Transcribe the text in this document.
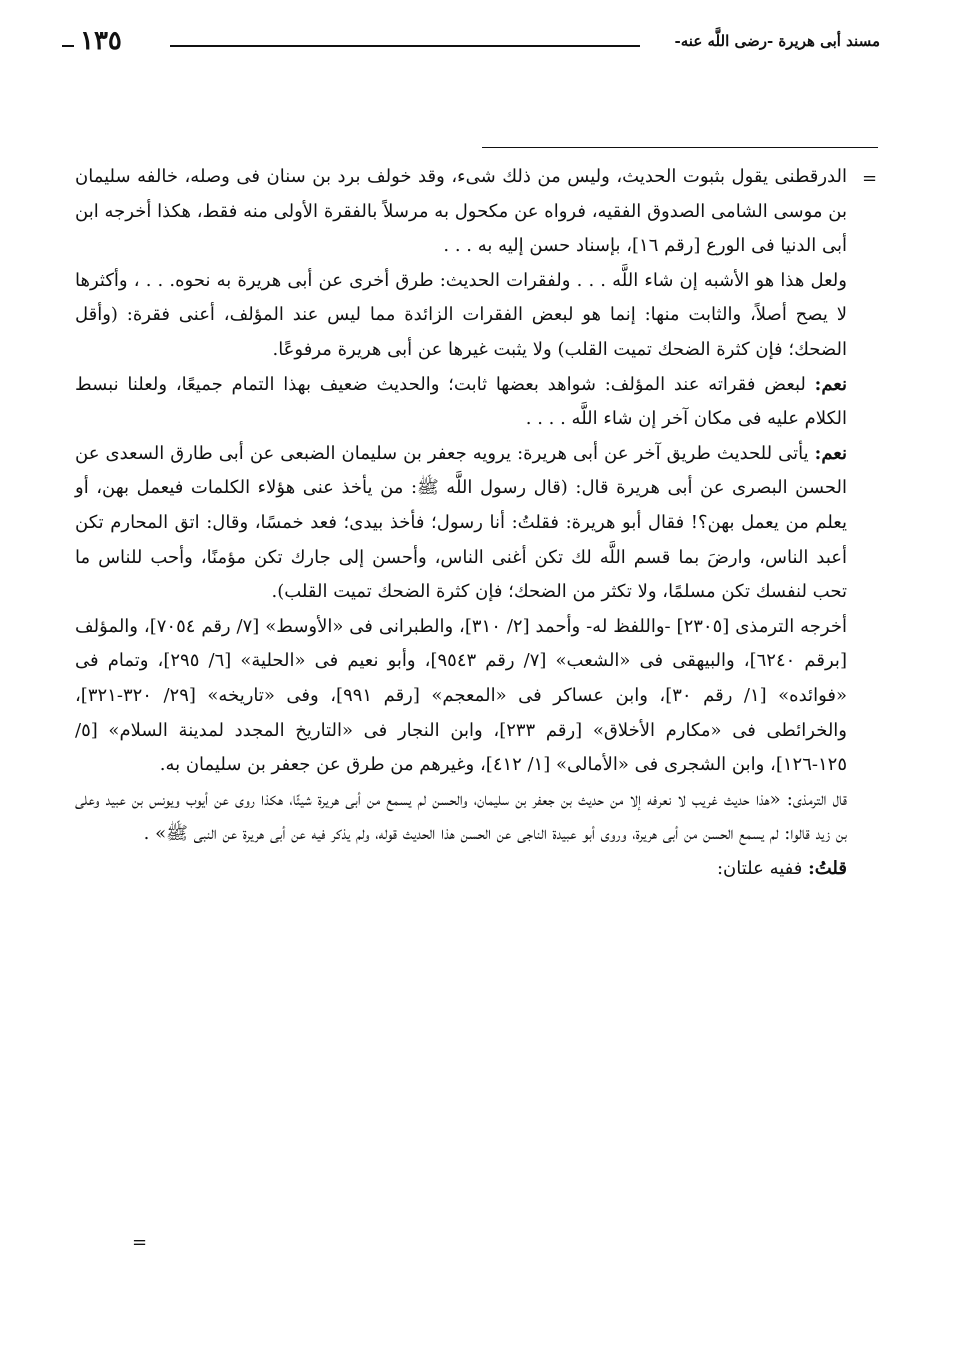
مسند أبى هريرة -رضى اللَّه عنه-
١٣٥
=

الدرقطنى يقول بثبوت الحديث، وليس من ذلك شىء، وقد خولف برد بن سنان فى وصله، خالفه سليمان بن موسى الشامى الصدوق الفقيه، فرواه عن مكحول به مرسلاً بالفقرة الأولى منه فقط، هكذا أخرجه ابن أبى الدنيا فى الورع [رقم ١٦]، بإسناد حسن إليه به . . .

ولعل هذا هو الأشبه إن شاء اللَّه . . . ولفقرات الحديث: طرق أخرى عن أبى هريرة به نحوه. . . ، وأكثرها لا يصح أصلاً، والثابت منها: إنما هو لبعض الفقرات الزائدة مما ليس عند المؤلف، أعنى فقرة: (وأقل الضحك؛ فإن كثرة الضحك تميت القلب) ولا يثبت غيرها عن أبى هريرة مرفوعًا.

نعم: لبعض فقراته عند المؤلف: شواهد بعضها ثابت؛ والحديث ضعيف بهذا التمام جميعًا، ولعلنا نبسط الكلام عليه فى مكان آخر إن شاء اللَّه . . . .

نعم: يأتى للحديث طريق آخر عن أبى هريرة: يرويه جعفر بن سليمان الضبعى عن أبى طارق السعدى عن الحسن البصرى عن أبى هريرة قال: (قال رسول اللَّه ﷺ: من يأخذ عنى هؤلاء الكلمات فيعمل بهن، أو يعلم من يعمل بهن؟! فقال أبو هريرة: فقلتُ: أنا رسول؛ فأخذ بيدى؛ فعد خمسًا، وقال: اتق المحارم تكن أعبد الناس، وارضَ بما قسم اللَّه لك تكن أغنى الناس، وأحسن إلى جارك تكن مؤمنًا، وأحب للناس ما تحب لنفسك تكن مسلمًا، ولا تكثر من الضحك؛ فإن كثرة الضحك تميت القلب).

أخرجه الترمذى [٢٣٠٥] -واللفظ له- وأحمد [٢/ ٣١٠]، والطبرانى فى «الأوسط» [٧/ رقم ٧٠٥٤]، والمؤلف [برقم ٦٢٤٠]، والبيهقى فى «الشعب» [٧/ رقم ٩٥٤٣]، وأبو نعيم فى «الحلية» [٦/ ٢٩٥]، وتمام فى «فوائده» [١/ رقم ٣٠]، وابن عساكر فى «المعجم» [رقم ٩٩١]، وفى «تاريخه» [٢٩/ ٣٢٠-٣٢١]، والخرائطى فى «مكارم الأخلاق» [رقم ٢٣٣]، وابن النجار فى «التاريخ المجدد لمدينة السلام» [٥/ ١٢٥-١٢٦]، وابن الشجرى فى «الأمالى» [١/ ٤١٢]، وغيرهم من طرق عن جعفر بن سليمان به.

قال الترمذى: «هذا حديث غريب لا نعرفه إلا من حديث بن جعفر بن سليمان، والحسن لم يسمع من أبى هريرة شيئًا، هكذا روى عن أيوب ويونس بن عبيد وعلى بن زيد قالوا: لم يسمع الحسن من أبى هريرة، وروى أبو عبيدة الناجى عن الحسن هذا الحديث قوله، ولم يذكر فيه عن أبى هريرة عن النبى ﷺ» .

قلتُ: ففيه علتان:

=
